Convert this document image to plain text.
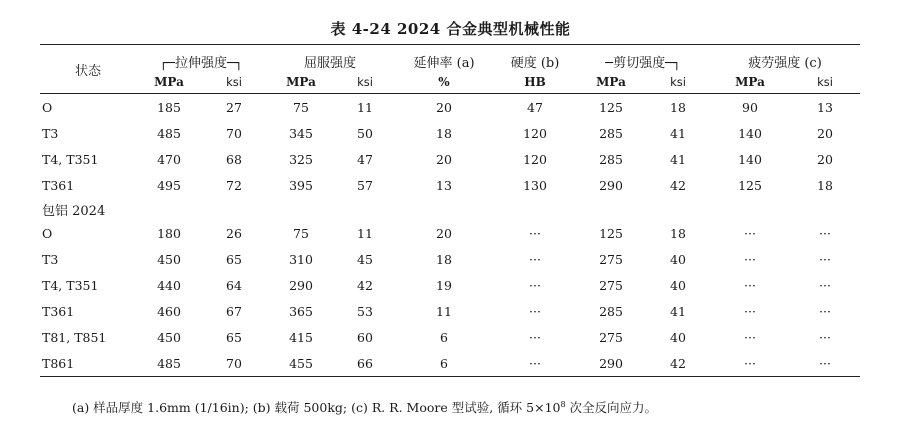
表 4-24 2024 合金典型机械性能
状态	┌─拉伸强度─┐		屈服强度		延伸率 (a)	硬度 (b)	─剪切强度─┐		疲劳强度 (c)	
	MPa	ksi	MPa	ksi	%	HB	MPa	ksi	MPa	ksi
O	185	27	75	11	20	47	125	18	90	13
T3	485	70	345	50	18	120	285	41	140	20
T4, T351	470	68	325	47	20	120	285	41	140	20
T361	495	72	395	57	13	130	290	42	125	18
包铝 2024										
O	180	26	75	11	20	···	125	18	···	···
T3	450	65	310	45	18	···	275	40	···	···
T4, T351	440	64	290	42	19	···	275	40	···	···
T361	460	67	365	53	11	···	285	41	···	···
T81, T851	450	65	415	60	6	···	275	40	···	···
T861	485	70	455	66	6	···	290	42	···	···
(a) 样品厚度 1.6mm (1/16in); (b) 载荷 500kg; (c) R. R. Moore 型试验, 循环 $5\times 10^8$ 次全反向应力。
